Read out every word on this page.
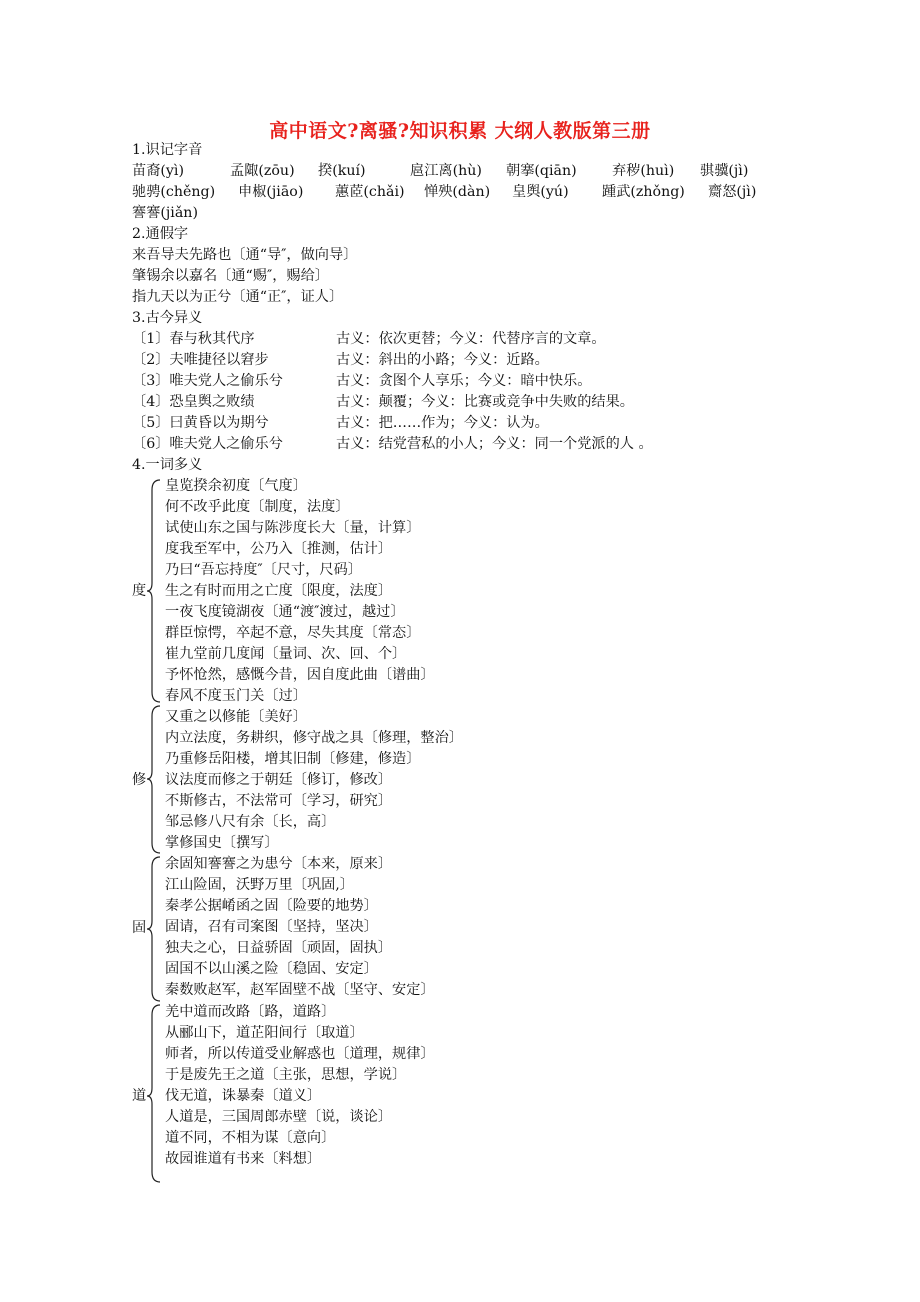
高中语文?离骚?知识积累 大纲人教版第三册
1.识记字音
苗裔(yì)	孟陬(zōu) 揆(kuí)	扈江离(hù) 朝搴(qiān) 弃秽(huì) 骐骥(jì)
驰骋(chěng) 申椒(jiāo) 蕙茝(chǎi) 惮殃(dàn) 皇舆(yú) 踵武(zhǒng) 齌怒(jì)
謇謇(jiǎn)
2.通假字
来吾导夫先路也〔通“导″，做向导〕
肇锡余以嘉名〔通“赐″，赐给〕
指九天以为正兮〔通“正″，证人〕
3.古今异义
〔1〕春与秋其代序	古义：依次更替；今义：代替序言的文章。
〔2〕夫唯捷径以窘步	古义：斜出的小路；今义：近路。
〔3〕唯夫党人之偷乐兮	古义：贪图个人享乐；今义：暗中快乐。
〔4〕恐皇舆之败绩	古义：颠覆；今义：比赛或竞争中失败的结果。
〔5〕曰黄昏以为期兮	古义：把……作为；今义：认为。
〔6〕唯夫党人之偷乐兮	古义：结党营私的小人；今义：同一个党派的人 。
4.一词多义
度
皇览揆余初度〔气度〕
何不改乎此度〔制度，法度〕
试使山东之国与陈涉度长大〔量，计算〕
度我至军中，公乃入〔推测，估计〕
乃曰“吾忘持度″〔尺寸，尺码〕
生之有时而用之亡度〔限度，法度〕
一夜飞度镜湖夜〔通“渡″渡过，越过〕
群臣惊愕，卒起不意，尽失其度〔常态〕
崔九堂前几度闻〔量词、次、回、个〕
予怀怆然，感慨今昔，因自度此曲〔谱曲〕
春风不度玉门关〔过〕
修
又重之以修能〔美好〕
内立法度，务耕织，修守战之具〔修理，整治〕
乃重修岳阳楼，增其旧制〔修建，修造〕
议法度而修之于朝廷〔修订，修改〕
不斯修古，不法常可〔学习，研究〕
邹忌修八尺有余〔长，高〕
掌修国史〔撰写〕
固
余固知謇謇之为患兮〔本来，原来〕
江山险固，沃野万里〔巩固,〕
秦孝公据崤函之固〔险要的地势〕
固请，召有司案图〔坚持，坚决〕
独夫之心，日益骄固〔顽固，固执〕
固国不以山溪之险〔稳固、安定〕
秦数败赵军，赵军固壁不战〔坚守、安定〕
道
羌中道而改路〔路，道路〕
从郦山下，道芷阳间行〔取道〕
师者，所以传道受业解惑也〔道理，规律〕
于是废先王之道〔主张，思想，学说〕
伐无道，诛暴秦〔道义〕
人道是，三国周郎赤壁〔说，谈论〕
道不同，不相为谋〔意向〕
故园谁道有书来〔料想〕
